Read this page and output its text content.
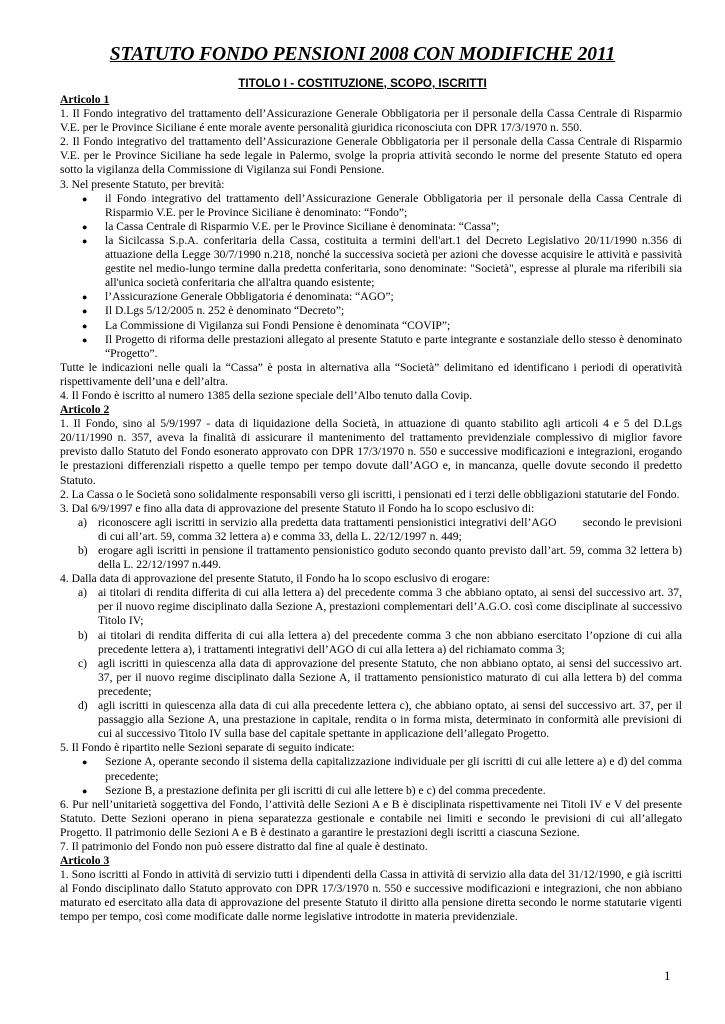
STATUTO FONDO PENSIONI 2008 CON MODIFICHE 2011
TITOLO I - COSTITUZIONE, SCOPO, ISCRITTI
Articolo 1

1. Il Fondo integrativo del trattamento dell’Assicurazione Generale Obbligatoria per il personale della Cassa Centrale di Risparmio V.E. per le Province Siciliane é ente morale avente personalità giuridica riconosciuta con DPR 17/3/1970 n. 550.

2. Il Fondo integrativo del trattamento dell’Assicurazione Generale Obbligatoria per il personale della Cassa Centrale di Risparmio V.E. per le Province Siciliane ha sede legale in Palermo, svolge la propria attività secondo le norme del presente Statuto ed opera sotto la vigilanza della Commissione di Vigilanza sui Fondi Pensione.

3. Nel presente Statuto, per brevità:

● il Fondo integrativo del trattamento dell’Assicurazione Generale Obbligatoria per il personale della Cassa Centrale di Risparmio V.E. per le Province Siciliane è denominato: “Fondo”;
● la Cassa Centrale di Risparmio V.E. per le Province Siciliane è denominata: “Cassa”;
● la Sicilcassa S.p.A. conferitaria della Cassa, costituita a termini dell'art.1 del Decreto Legislativo 20/11/1990 n.356 di attuazione della Legge 30/7/1990 n.218, nonché la successiva società per azioni che dovesse acquisire le attività e passività gestite nel medio-lungo termine dalla predetta conferitaria, sono denominate: "Società", espresse al plurale ma riferibili sia all'unica società conferitaria che all'altra quando esistente;
● l’Assicurazione Generale Obbligatoria é denominata: “AGO”;
● Il D.Lgs 5/12/2005 n. 252 è denominato “Decreto”;
● La Commissione di Vigilanza sui Fondi Pensione è denominata “COVIP”;
● Il Progetto di riforma delle prestazioni allegato al presente Statuto e parte integrante e sostanziale dello stesso è denominato “Progetto”.

Tutte le indicazioni nelle quali la “Cassa” è posta in alternativa alla “Società” delimitano ed identificano i periodi di operatività rispettivamente dell’una e dell’altra.

4. Il Fondo è iscritto al numero 1385 della sezione speciale dell’Albo tenuto dalla Covip.

Articolo 2

1. Il Fondo, sino al 5/9/1997 - data di liquidazione della Società, in attuazione di quanto stabilito agli articoli 4 e 5 del D.Lgs 20/11/1990 n. 357, aveva la finalità di assicurare il mantenimento del trattamento previdenziale complessivo di miglior favore previsto dallo Statuto del Fondo esonerato approvato con DPR 17/3/1970 n. 550 e successive modificazioni e integrazioni, erogando le prestazioni differenziali rispetto a quelle tempo per tempo dovute dall’AGO e, in mancanza, quelle dovute secondo il predetto Statuto.

2. La Cassa o le Società sono solidalmente responsabili verso gli iscritti, i pensionati ed i terzi delle obbligazioni statutarie del Fondo.

3. Dal 6/9/1997 e fino alla data di approvazione del presente Statuto il Fondo ha lo scopo esclusivo di:

a) riconoscere agli iscritti in servizio alla predetta data trattamenti pensionistici integrativi dell’AGO        secondo le previsioni di cui all’art. 59, comma 32 lettera a) e comma 33, della L. 22/12/1997 n. 449;
b) erogare agli iscritti in pensione il trattamento pensionistico goduto secondo quanto previsto dall’art. 59, comma 32 lettera b) della L. 22/12/1997 n.449.

4. Dalla data di approvazione del presente Statuto, il Fondo ha lo scopo esclusivo di erogare:

a) ai titolari di rendita differita di cui alla lettera a) del precedente comma 3 che abbiano optato, ai sensi del successivo art. 37, per il nuovo regime disciplinato dalla Sezione A, prestazioni complementari dell’A.G.O. così come disciplinate al successivo Titolo IV;
b) ai titolari di rendita differita di cui alla lettera a) del precedente comma 3 che non abbiano esercitato l’opzione di cui alla precedente lettera a), i trattamenti integrativi dell’AGO di cui alla lettera a) del richiamato comma 3;
c) agli iscritti in quiescenza alla data di approvazione del presente Statuto, che non abbiano optato, ai sensi del successivo art. 37, per il nuovo regime disciplinato dalla Sezione A, il trattamento pensionistico maturato di cui alla lettera b) del comma precedente;
d) agli iscritti in quiescenza alla data di cui alla precedente lettera c), che abbiano optato, ai sensi del successivo art. 37, per il passaggio alla Sezione A, una prestazione in capitale, rendita o in forma mista, determinato in conformità alle previsioni di cui al successivo Titolo IV sulla base del capitale spettante in applicazione dell’allegato Progetto.

5. Il Fondo è ripartito nelle Sezioni separate di seguito indicate:

● Sezione A, operante secondo il sistema della capitalizzazione individuale per gli iscritti di cui alle lettere a) e d) del comma precedente;
● Sezione B, a prestazione definita per gli iscritti di cui alle lettere b) e c) del comma precedente.

6. Pur nell’unitarietà soggettiva del Fondo, l’attività delle Sezioni A e B è disciplinata rispettivamente nei Titoli IV e V del presente Statuto. Dette Sezioni operano in piena separatezza gestionale e contabile nei limiti e secondo le previsioni di cui all’allegato Progetto. Il patrimonio delle Sezioni A e B è destinato a garantire le prestazioni degli iscritti a ciascuna Sezione.

7. Il patrimonio del Fondo non può essere distratto dal fine al quale è destinato.

Articolo 3

1. Sono iscritti al Fondo in attività di servizio tutti i dipendenti della Cassa in attività di servizio alla data del 31/12/1990, e già iscritti al Fondo disciplinato dallo Statuto approvato con DPR 17/3/1970 n. 550 e successive modificazioni e integrazioni, che non abbiano maturato ed esercitato alla data di approvazione del presente Statuto il diritto alla pensione diretta secondo le norme statutarie vigenti tempo per tempo, così come modificate dalle norme legislative introdotte in materia previdenziale.

1
